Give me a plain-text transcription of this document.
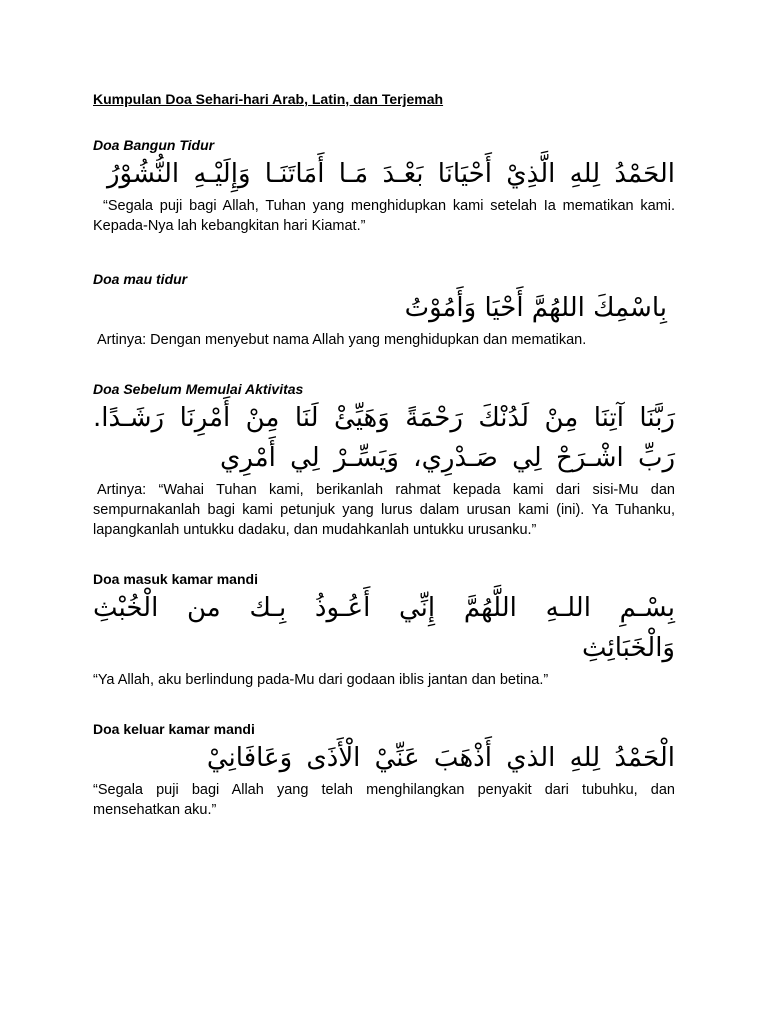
Kumpulan Doa Sehari-hari Arab, Latin, dan Terjemah
Doa Bangun Tidur

الحَمْدُ لِلهِ الَّذِيْ أَحْيَانَا بَعْـدَ مَـا أَمَاتَنَـا وَإِلَيْـهِ النُّشُوْرُ

“Segala puji bagi Allah, Tuhan yang menghidupkan kami setelah Ia mematikan kami. Kepada-Nya lah kebangkitan hari Kiamat.”

Doa mau tidur

بِاسْمِكَ اللهُمَّ أَحْيَا وَأَمُوْتُ

Artinya: Dengan menyebut nama Allah yang menghidupkan dan mematikan.

Doa Sebelum Memulai Aktivitas

رَبَّنَا آتِنَا مِنْ لَدُنْكَ رَحْمَةً وَهَيِّئْ لَنَا مِنْ أَمْرِنَا رَشَـدًا. رَبِّ اشْـرَحْ لِي صَـدْرِي، وَيَسِّـرْ لِي أَمْرِي

Artinya: “Wahai Tuhan kami, berikanlah rahmat kepada kami dari sisi-Mu dan sempurnakanlah bagi kami petunjuk yang lurus dalam urusan kami (ini). Ya Tuhanku, lapangkanlah untukku dadaku, dan mudahkanlah untukku urusanku.”

Doa masuk kamar mandi

بِسْـمِ اللـهِ اللَّهُمَّ إِنِّي أَعُـوذُ بِـك من الْخُبْثِ وَالْخَبَائِثِ

“Ya Allah, aku berlindung pada-Mu dari godaan iblis jantan dan betina.”

Doa keluar kamar mandi

الْحَمْدُ لِلهِ الذي أَذْهَبَ عَنِّيْ الْأَذَى وَعَافَانِيْ

“Segala puji bagi Allah yang telah menghilangkan penyakit dari tubuhku, dan mensehatkan aku.”
